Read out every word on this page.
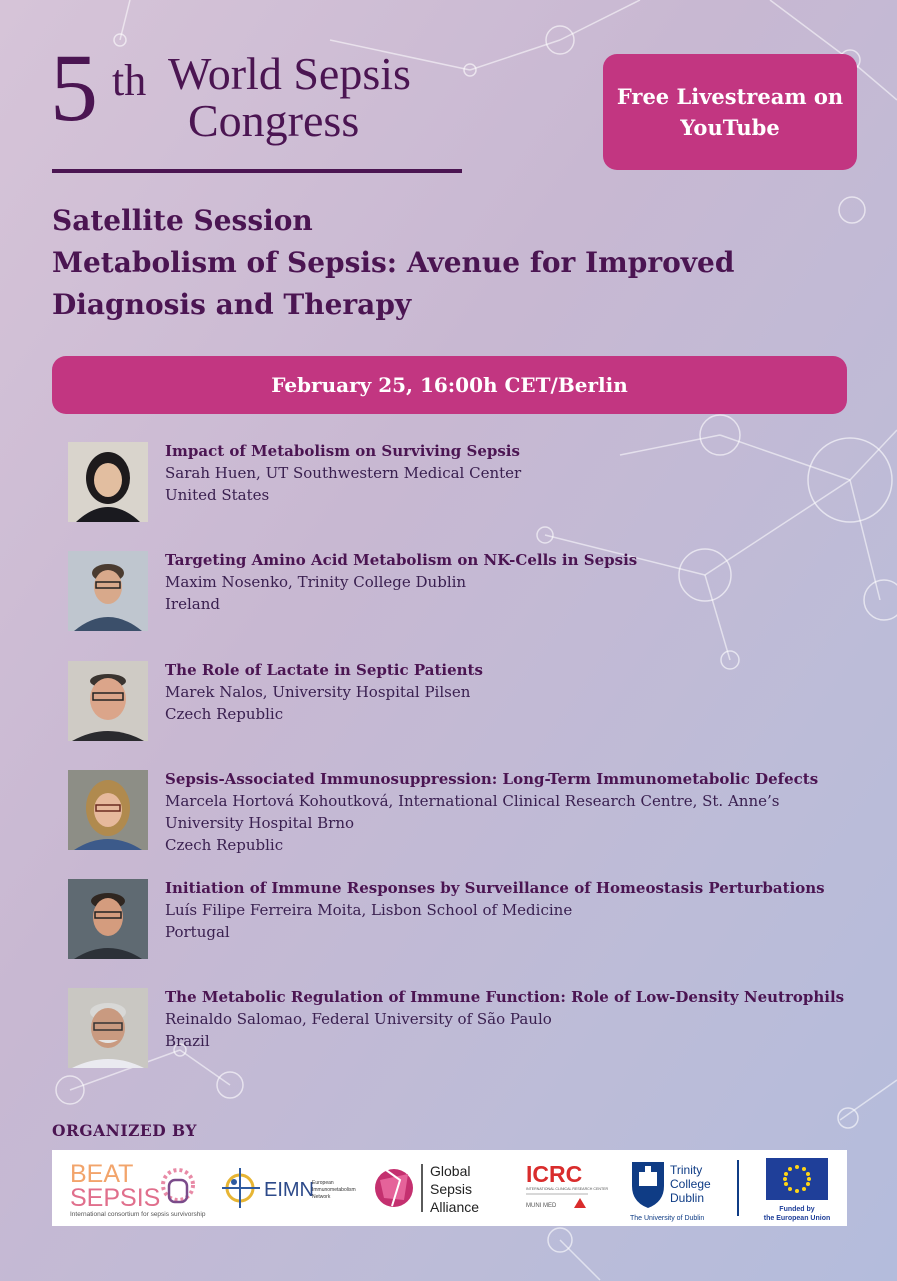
5 th World Sepsis
Congress	Free Livestream on
YouTube
Satellite Session
Metabolism of Sepsis: Avenue for Improved
Diagnosis and Therapy
February 25, 16:00h CET/Berlin
Impact of Metabolism on Surviving Sepsis
Sarah Huen, UT Southwestern Medical Center
United States
Targeting Amino Acid Metabolism on NK-Cells in Sepsis
Maxim Nosenko, Trinity College Dublin
Ireland
The Role of Lactate in Septic Patients
Marek Nalos, University Hospital Pilsen
Czech Republic
Sepsis-Associated Immunosuppression: Long-Term Immunometabolic Defects
Marcela Hortová Kohoutková, International Clinical Research Centre, St. Anne’s
University Hospital Brno
Czech Republic
Initiation of Immune Responses by Surveillance of Homeostasis Perturbations
Luís Filipe Ferreira Moita, Lisbon School of Medicine
Portugal
The Metabolic Regulation of Immune Function: Role of Low-Density Neutrophils
Reinaldo Salomao, Federal University of São Paulo
Brazil
ORGANIZED BY
BEAT
SEPSIS
International consortium for sepsis survivorship
EIMN
European
Immunometabolism
Network
Global
Sepsis
Alliance
ICRC
INTERNATIONAL CLINICAL RESEARCH CENTER
MUNI MED
Trinity
College
Dublin
The University of Dublin
Funded by
the European Union
